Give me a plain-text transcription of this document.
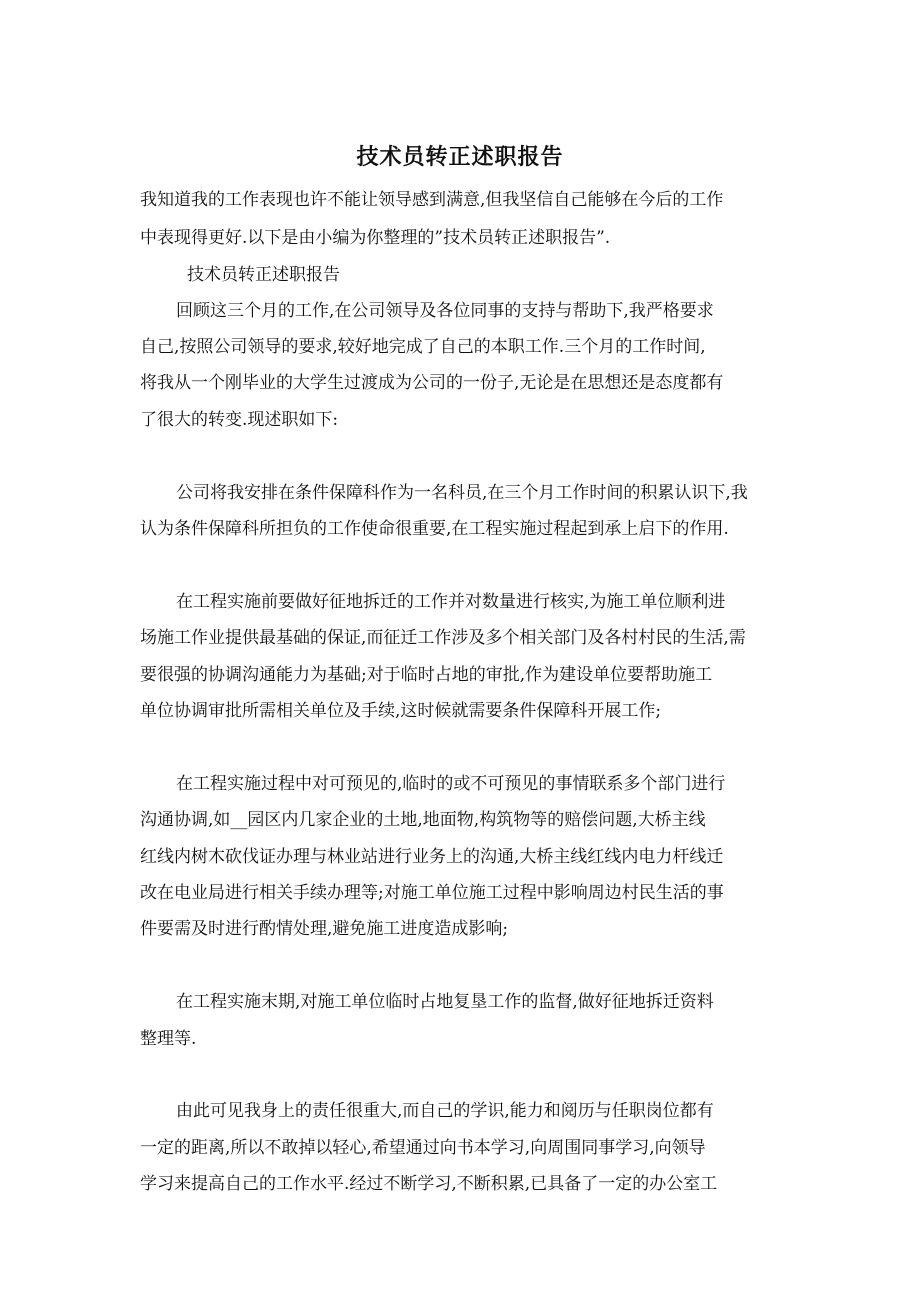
技术员转正述职报告
我知道我的工作表现也许不能让领导感到满意,但我坚信自己能够在今后的工作
中表现得更好.以下是由小编为你整理的”技术员转正述职报告”.
技术员转正述职报告
回顾这三个月的工作,在公司领导及各位同事的支持与帮助下,我严格要求
自己,按照公司领导的要求,较好地完成了自己的本职工作.三个月的工作时间,
将我从一个刚毕业的大学生过渡成为公司的一份子,无论是在思想还是态度都有
了很大的转变.现述职如下:
公司将我安排在条件保障科作为一名科员,在三个月工作时间的积累认识下,我
认为条件保障科所担负的工作使命很重要,在工程实施过程起到承上启下的作用.
在工程实施前要做好征地拆迁的工作并对数量进行核实,为施工单位顺利进
场施工作业提供最基础的保证,而征迁工作涉及多个相关部门及各村村民的生活,需
要很强的协调沟通能力为基础;对于临时占地的审批,作为建设单位要帮助施工
单位协调审批所需相关单位及手续,这时候就需要条件保障科开展工作;
在工程实施过程中对可预见的,临时的或不可预见的事情联系多个部门进行
沟通协调,如__园区内几家企业的土地,地面物,构筑物等的赔偿问题,大桥主线
红线内树木砍伐证办理与林业站进行业务上的沟通,大桥主线红线内电力杆线迁
改在电业局进行相关手续办理等;对施工单位施工过程中影响周边村民生活的事
件要需及时进行酌情处理,避免施工进度造成影响;
在工程实施末期,对施工单位临时占地复垦工作的监督,做好征地拆迁资料
整理等.
由此可见我身上的责任很重大,而自己的学识,能力和阅历与任职岗位都有
一定的距离,所以不敢掉以轻心,希望通过向书本学习,向周围同事学习,向领导
学习来提高自己的工作水平.经过不断学习,不断积累,已具备了一定的办公室工
